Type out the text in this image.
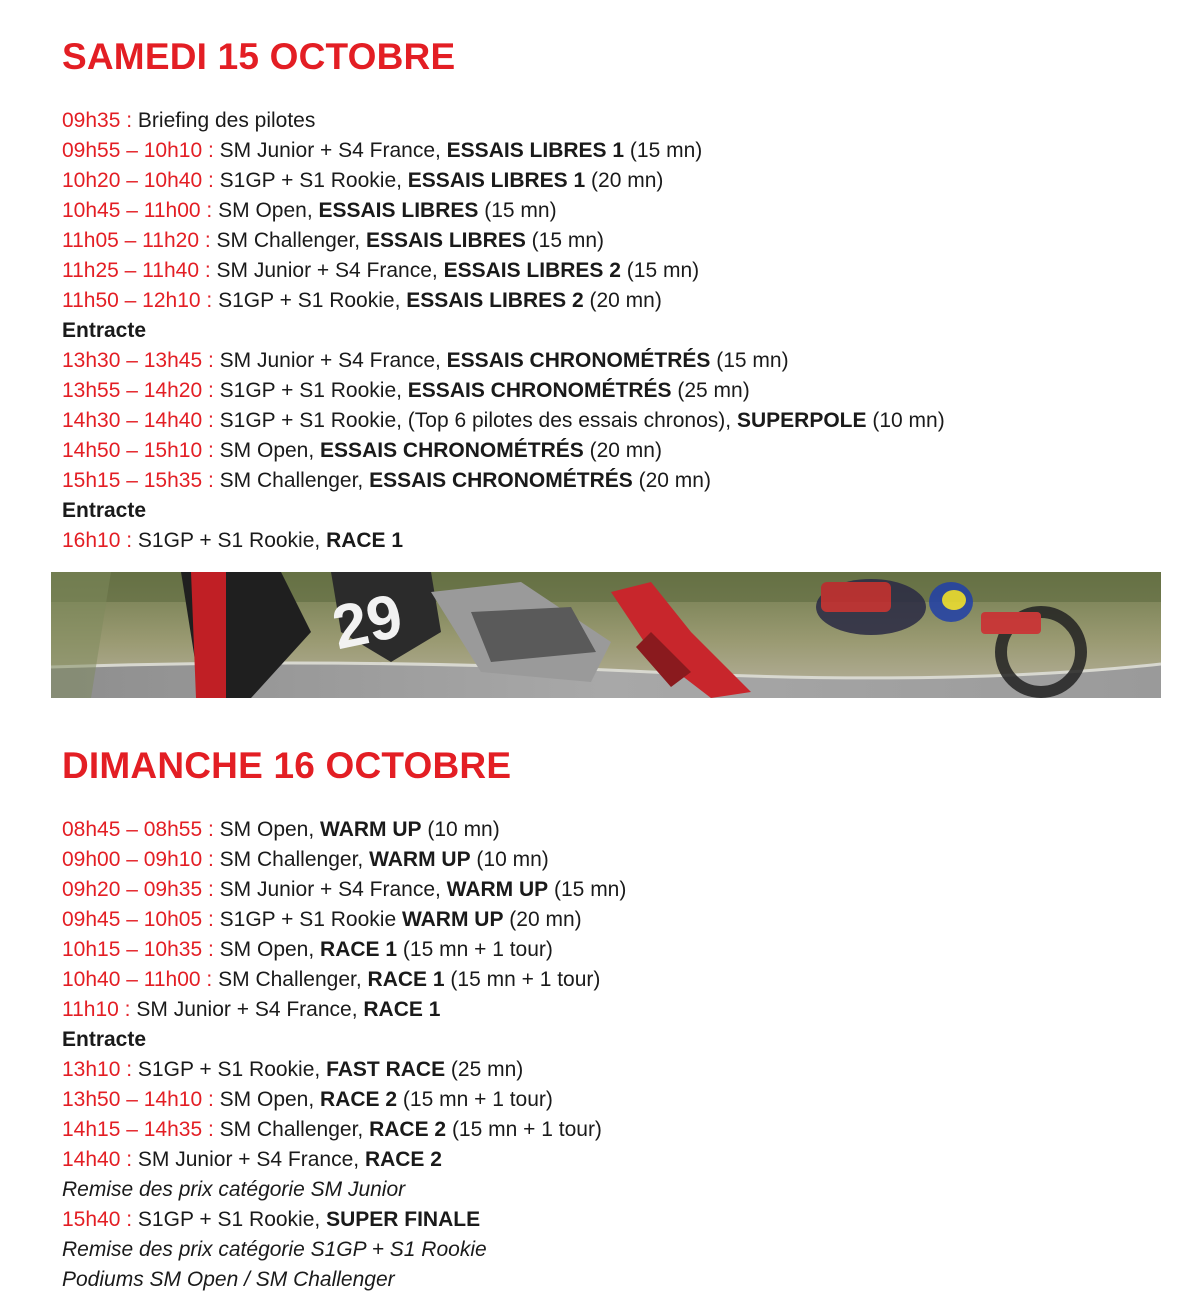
SAMEDI 15 OCTOBRE
09h35 : Briefing des pilotes
09h55 – 10h10 : SM Junior + S4 France, ESSAIS LIBRES 1 (15 mn)
10h20 – 10h40 : S1GP + S1 Rookie, ESSAIS LIBRES 1 (20 mn)
10h45 – 11h00 : SM Open, ESSAIS LIBRES (15 mn)
11h05 – 11h20 : SM Challenger, ESSAIS LIBRES (15 mn)
11h25 – 11h40 : SM Junior + S4 France, ESSAIS LIBRES 2 (15 mn)
11h50 – 12h10 : S1GP + S1 Rookie, ESSAIS LIBRES 2 (20 mn)
Entracte
13h30 – 13h45 : SM Junior + S4 France, ESSAIS CHRONOMÉTRÉS (15 mn)
13h55 – 14h20 : S1GP + S1 Rookie, ESSAIS CHRONOMÉTRÉS (25 mn)
14h30 – 14h40 : S1GP + S1 Rookie, (Top 6 pilotes des essais chronos), SUPERPOLE (10 mn)
14h50 – 15h10 : SM Open, ESSAIS CHRONOMÉTRÉS (20 mn)
15h15 – 15h35 : SM Challenger, ESSAIS CHRONOMÉTRÉS (20 mn)
Entracte
16h10 : S1GP + S1 Rookie, RACE 1
29
DIMANCHE 16 OCTOBRE
08h45 – 08h55 : SM Open, WARM UP (10 mn)
09h00 – 09h10 : SM Challenger, WARM UP (10 mn)
09h20 – 09h35 : SM Junior + S4 France, WARM UP (15 mn)
09h45 – 10h05 : S1GP + S1 Rookie WARM UP (20 mn)
10h15 – 10h35 : SM Open, RACE 1 (15 mn + 1 tour)
10h40 – 11h00 : SM Challenger, RACE 1 (15 mn + 1 tour)
11h10 : SM Junior + S4 France, RACE 1
Entracte
13h10 : S1GP + S1 Rookie, FAST RACE (25 mn)
13h50 – 14h10 : SM Open, RACE 2 (15 mn + 1 tour)
14h15 – 14h35 : SM Challenger, RACE 2 (15 mn + 1 tour)
14h40 : SM Junior + S4 France, RACE 2
Remise des prix catégorie SM Junior
15h40 : S1GP + S1 Rookie, SUPER FINALE
Remise des prix catégorie S1GP + S1 Rookie
Podiums SM Open / SM Challenger
